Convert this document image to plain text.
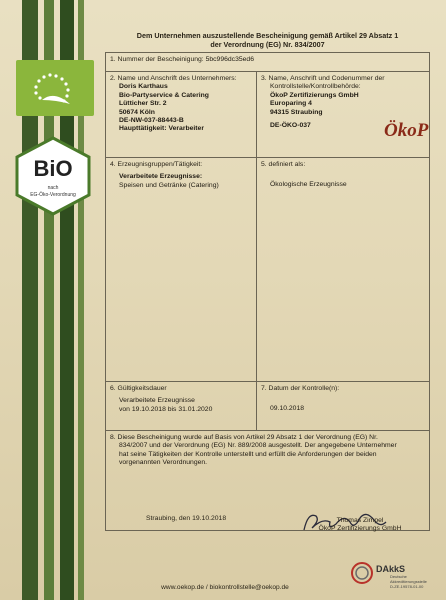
BiO
nach
EG-Öko-Verordnung
Dem Unternehmen auszustellende Bescheinigung gemäß Artikel 29 Absatz 1
der Verordnung (EG) Nr. 834/2007
1. Nummer der Bescheinigung: 5bc996dc35ed6
2. Name und Anschrift des Unternehmers:
Doris Karthaus
Bio-Partyservice & Catering
Lütticher Str. 2
50674 Köln
DE-NW-037-88443-B
Haupttätigkeit: Verarbeiter
3. Name, Anschrift und Codenummer der
Kontrollstelle/Kontrollbehörde:
ÖkoP Zertifizierungs GmbH
Europaring 4
94315 Straubing
DE-ÖKO-037	ÖkoP
4. Erzeugnisgruppen/Tätigkeit:
Verarbeitete Erzeugnisse:
Speisen und Getränke (Catering)
5. definiert als:
Ökologische Erzeugnisse
6. Gültigkeitsdauer
Verarbeitete Erzeugnisse
von 19.10.2018 bis 31.01.2020
7. Datum der Kontrolle(n):
09.10.2018
8. Diese Bescheinigung wurde auf Basis von Artikel 29 Absatz 1 der Verordnung (EG) Nr.
834/2007 und der Verordnung (EG) Nr. 889/2008 ausgestellt. Der angegebene Unternehmer
hat seine Tätigkeiten der Kontrolle unterstellt und erfüllt die Anforderungen der beiden
vorgenannten Verordnungen.
Straubing, den 19.10.2018	Thomas Zimpel
ÖkoP Zertifizierungs GmbH
www.oekop.de / biokontrollstelle@oekop.de
DAkkS
Deutsche
Akkreditierungsstelle
D-ZE-19578-01-00
